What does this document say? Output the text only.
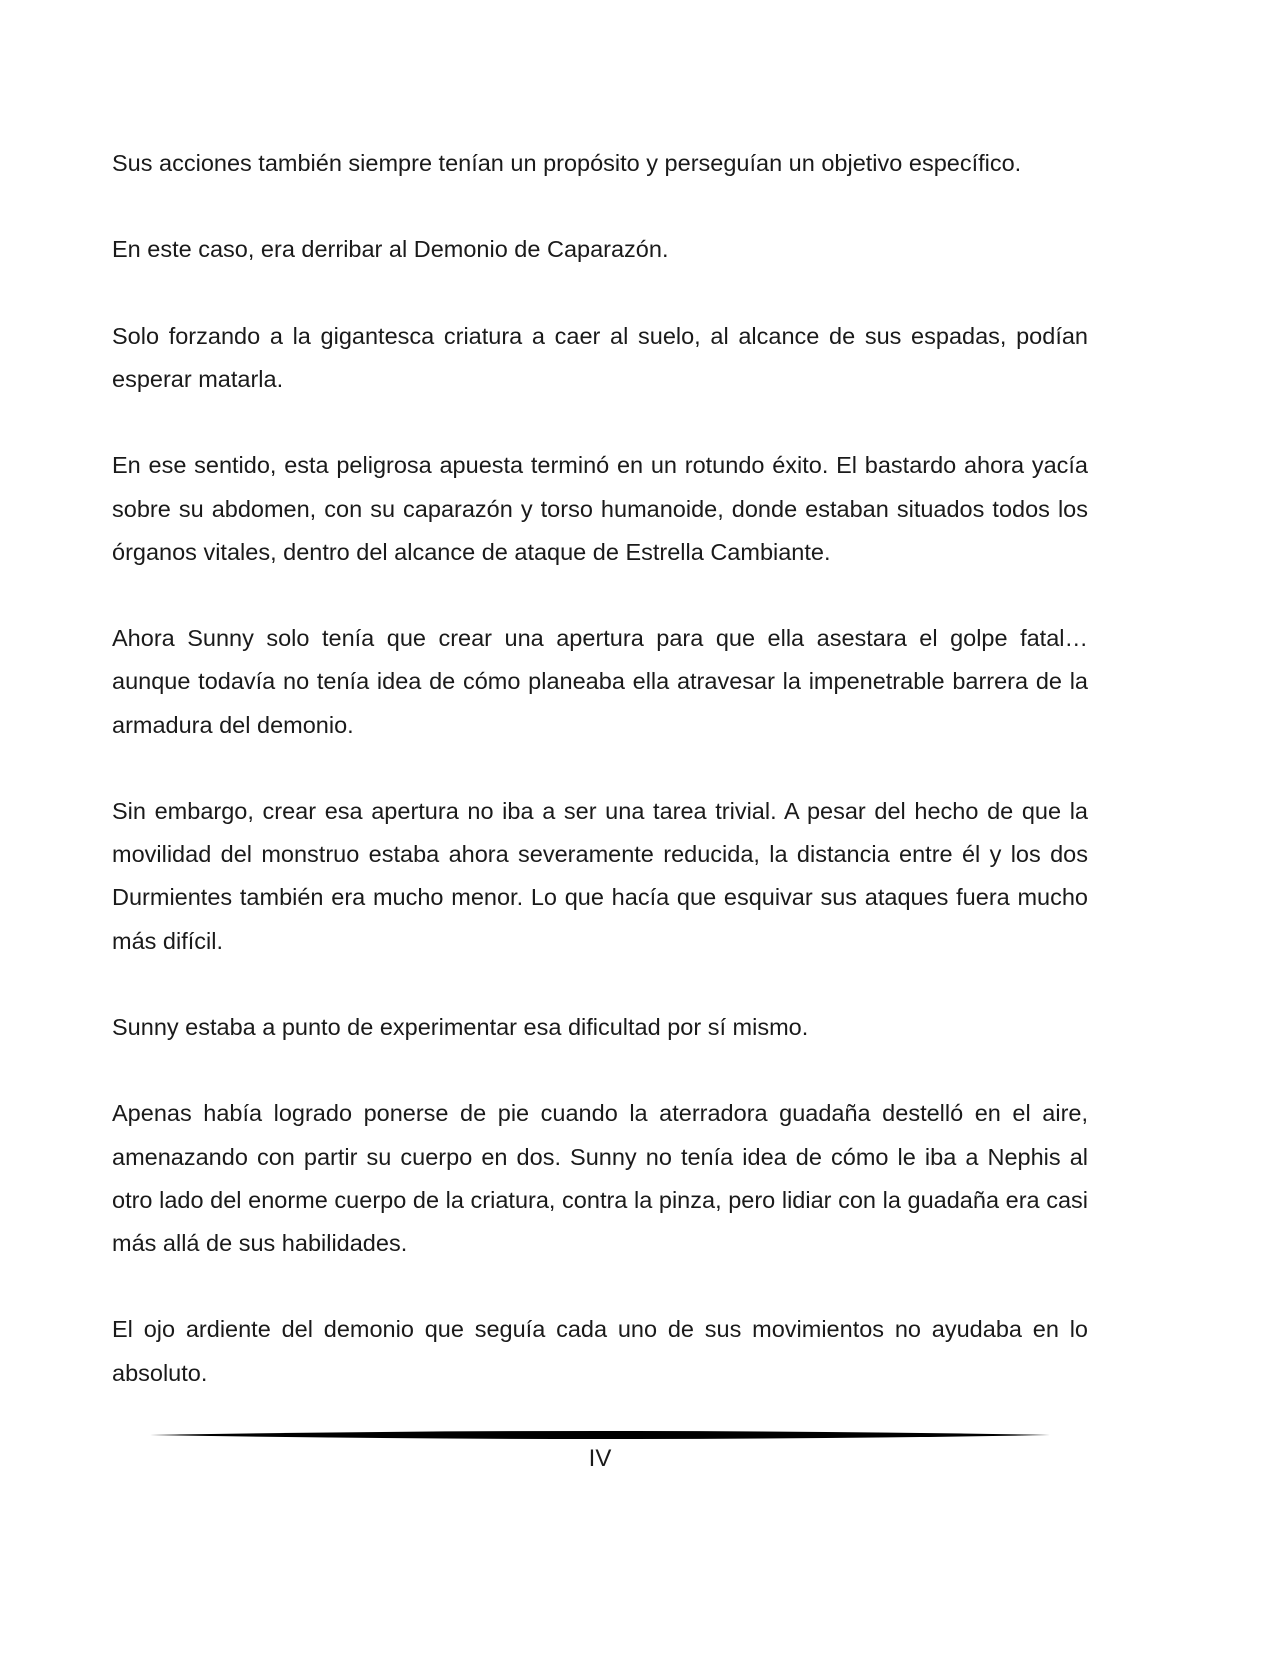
Sus acciones también siempre tenían un propósito y perseguían un objetivo específico.

En este caso, era derribar al Demonio de Caparazón.

Solo forzando a la gigantesca criatura a caer al suelo, al alcance de sus espadas, podían esperar matarla.

En ese sentido, esta peligrosa apuesta terminó en un rotundo éxito. El bastardo ahora yacía sobre su abdomen, con su caparazón y torso humanoide, donde estaban situados todos los órganos vitales, dentro del alcance de ataque de Estrella Cambiante.

Ahora Sunny solo tenía que crear una apertura para que ella asestara el golpe fatal… aunque todavía no tenía idea de cómo planeaba ella atravesar la impenetrable barrera de la armadura del demonio.

Sin embargo, crear esa apertura no iba a ser una tarea trivial. A pesar del hecho de que la movilidad del monstruo estaba ahora severamente reducida, la distancia entre él y los dos Durmientes también era mucho menor. Lo que hacía que esquivar sus ataques fuera mucho más difícil.

Sunny estaba a punto de experimentar esa dificultad por sí mismo.

Apenas había logrado ponerse de pie cuando la aterradora guadaña destelló en el aire, amenazando con partir su cuerpo en dos. Sunny no tenía idea de cómo le iba a Nephis al otro lado del enorme cuerpo de la criatura, contra la pinza, pero lidiar con la guadaña era casi más allá de sus habilidades.

El ojo ardiente del demonio que seguía cada uno de sus movimientos no ayudaba en lo absoluto.

IV
